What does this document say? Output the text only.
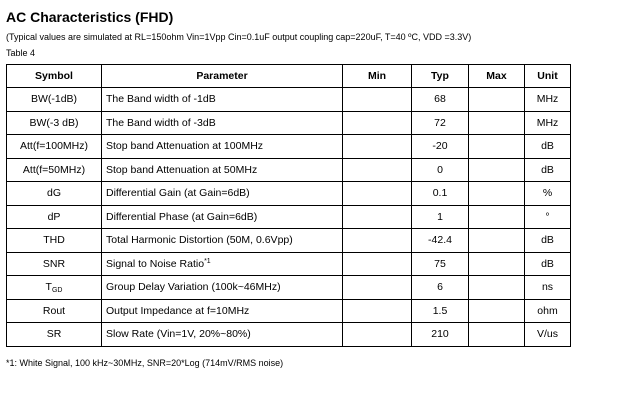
AC Characteristics (FHD)
(Typical values are simulated at RL=150ohm Vin=1Vpp Cin=0.1uF output coupling cap=220uF, T=40 ºC, VDD =3.3V)
Table 4
Symbol	Parameter	Min	Typ	Max	Unit
BW(-1dB)	The Band width of -1dB		68		MHz
BW(-3 dB)	The Band width of -3dB		72		MHz
Att(f=100MHz)	Stop band Attenuation at 100MHz		-20		dB
Att(f=50MHz)	Stop band Attenuation at 50MHz		0		dB
dG	Differential Gain (at Gain=6dB)		0.1		%
dP	Differential Phase (at Gain=6dB)		1		°
THD	Total Harmonic Distortion (50M, 0.6Vpp)		-42.4		dB
SNR	Signal to Noise Ratio$^{*1}$		75		dB
$T_{GD}$	Group Delay Variation (100k~46MHz)		6		ns
Rout	Output Impedance at f=10MHz		1.5		ohm
SR	Slow Rate (Vin=1V, 20%~80%)		210		V/us
*1: White Signal, 100 kHz~30MHz, SNR=20*Log (714mV/RMS noise)
